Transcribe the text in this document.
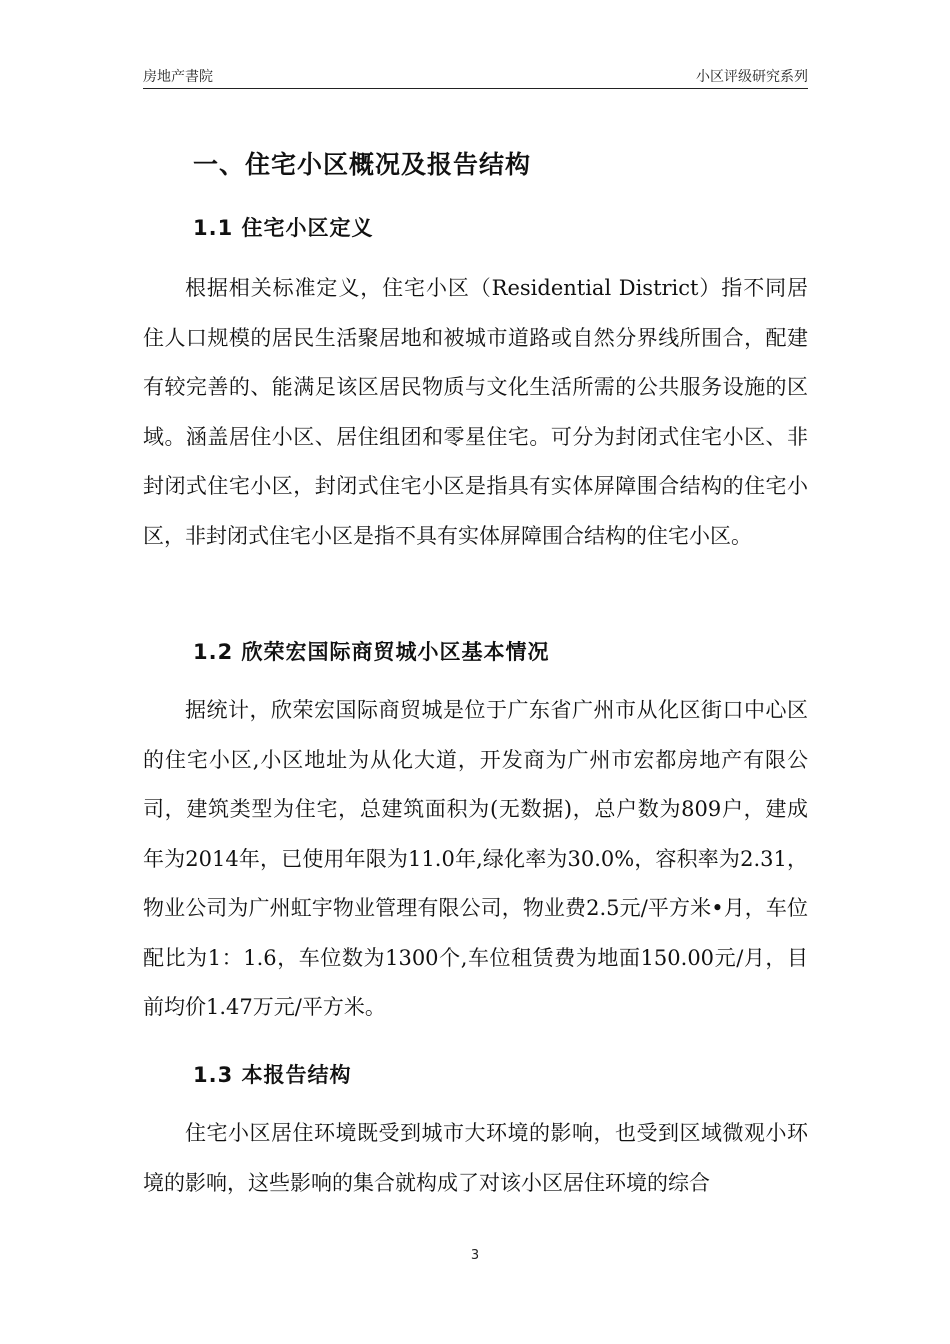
房地产書院	小区评级研究系列
一、住宅小区概况及报告结构
1.1 住宅小区定义
根据相关标准定义，住宅小区（Residential District）指不同居住人口规模的居民生活聚居地和被城市道路或自然分界线所围合，配建有较完善的、能满足该区居民物质与文化生活所需的公共服务设施的区域。涵盖居住小区、居住组团和零星住宅。可分为封闭式住宅小区、非封闭式住宅小区，封闭式住宅小区是指具有实体屏障围合结构的住宅小区，非封闭式住宅小区是指不具有实体屏障围合结构的住宅小区。
1.2 欣荣宏国际商贸城小区基本情况
据统计，欣荣宏国际商贸城是位于广东省广州市从化区街口中心区的住宅小区,小区地址为从化大道，开发商为广州市宏都房地产有限公司，建筑类型为住宅，总建筑面积为(无数据)，总户数为809户，建成年为2014年，已使用年限为11.0年,绿化率为30.0%，容积率为2.31，物业公司为广州虹宇物业管理有限公司，物业费2.5元/平方米•月，车位配比为1：1.6，车位数为1300个,车位租赁费为地面150.00元/月，目前均价1.47万元/平方米。
1.3 本报告结构
住宅小区居住环境既受到城市大环境的影响，也受到区域微观小环境的影响，这些影响的集合就构成了对该小区居住环境的综合
3
